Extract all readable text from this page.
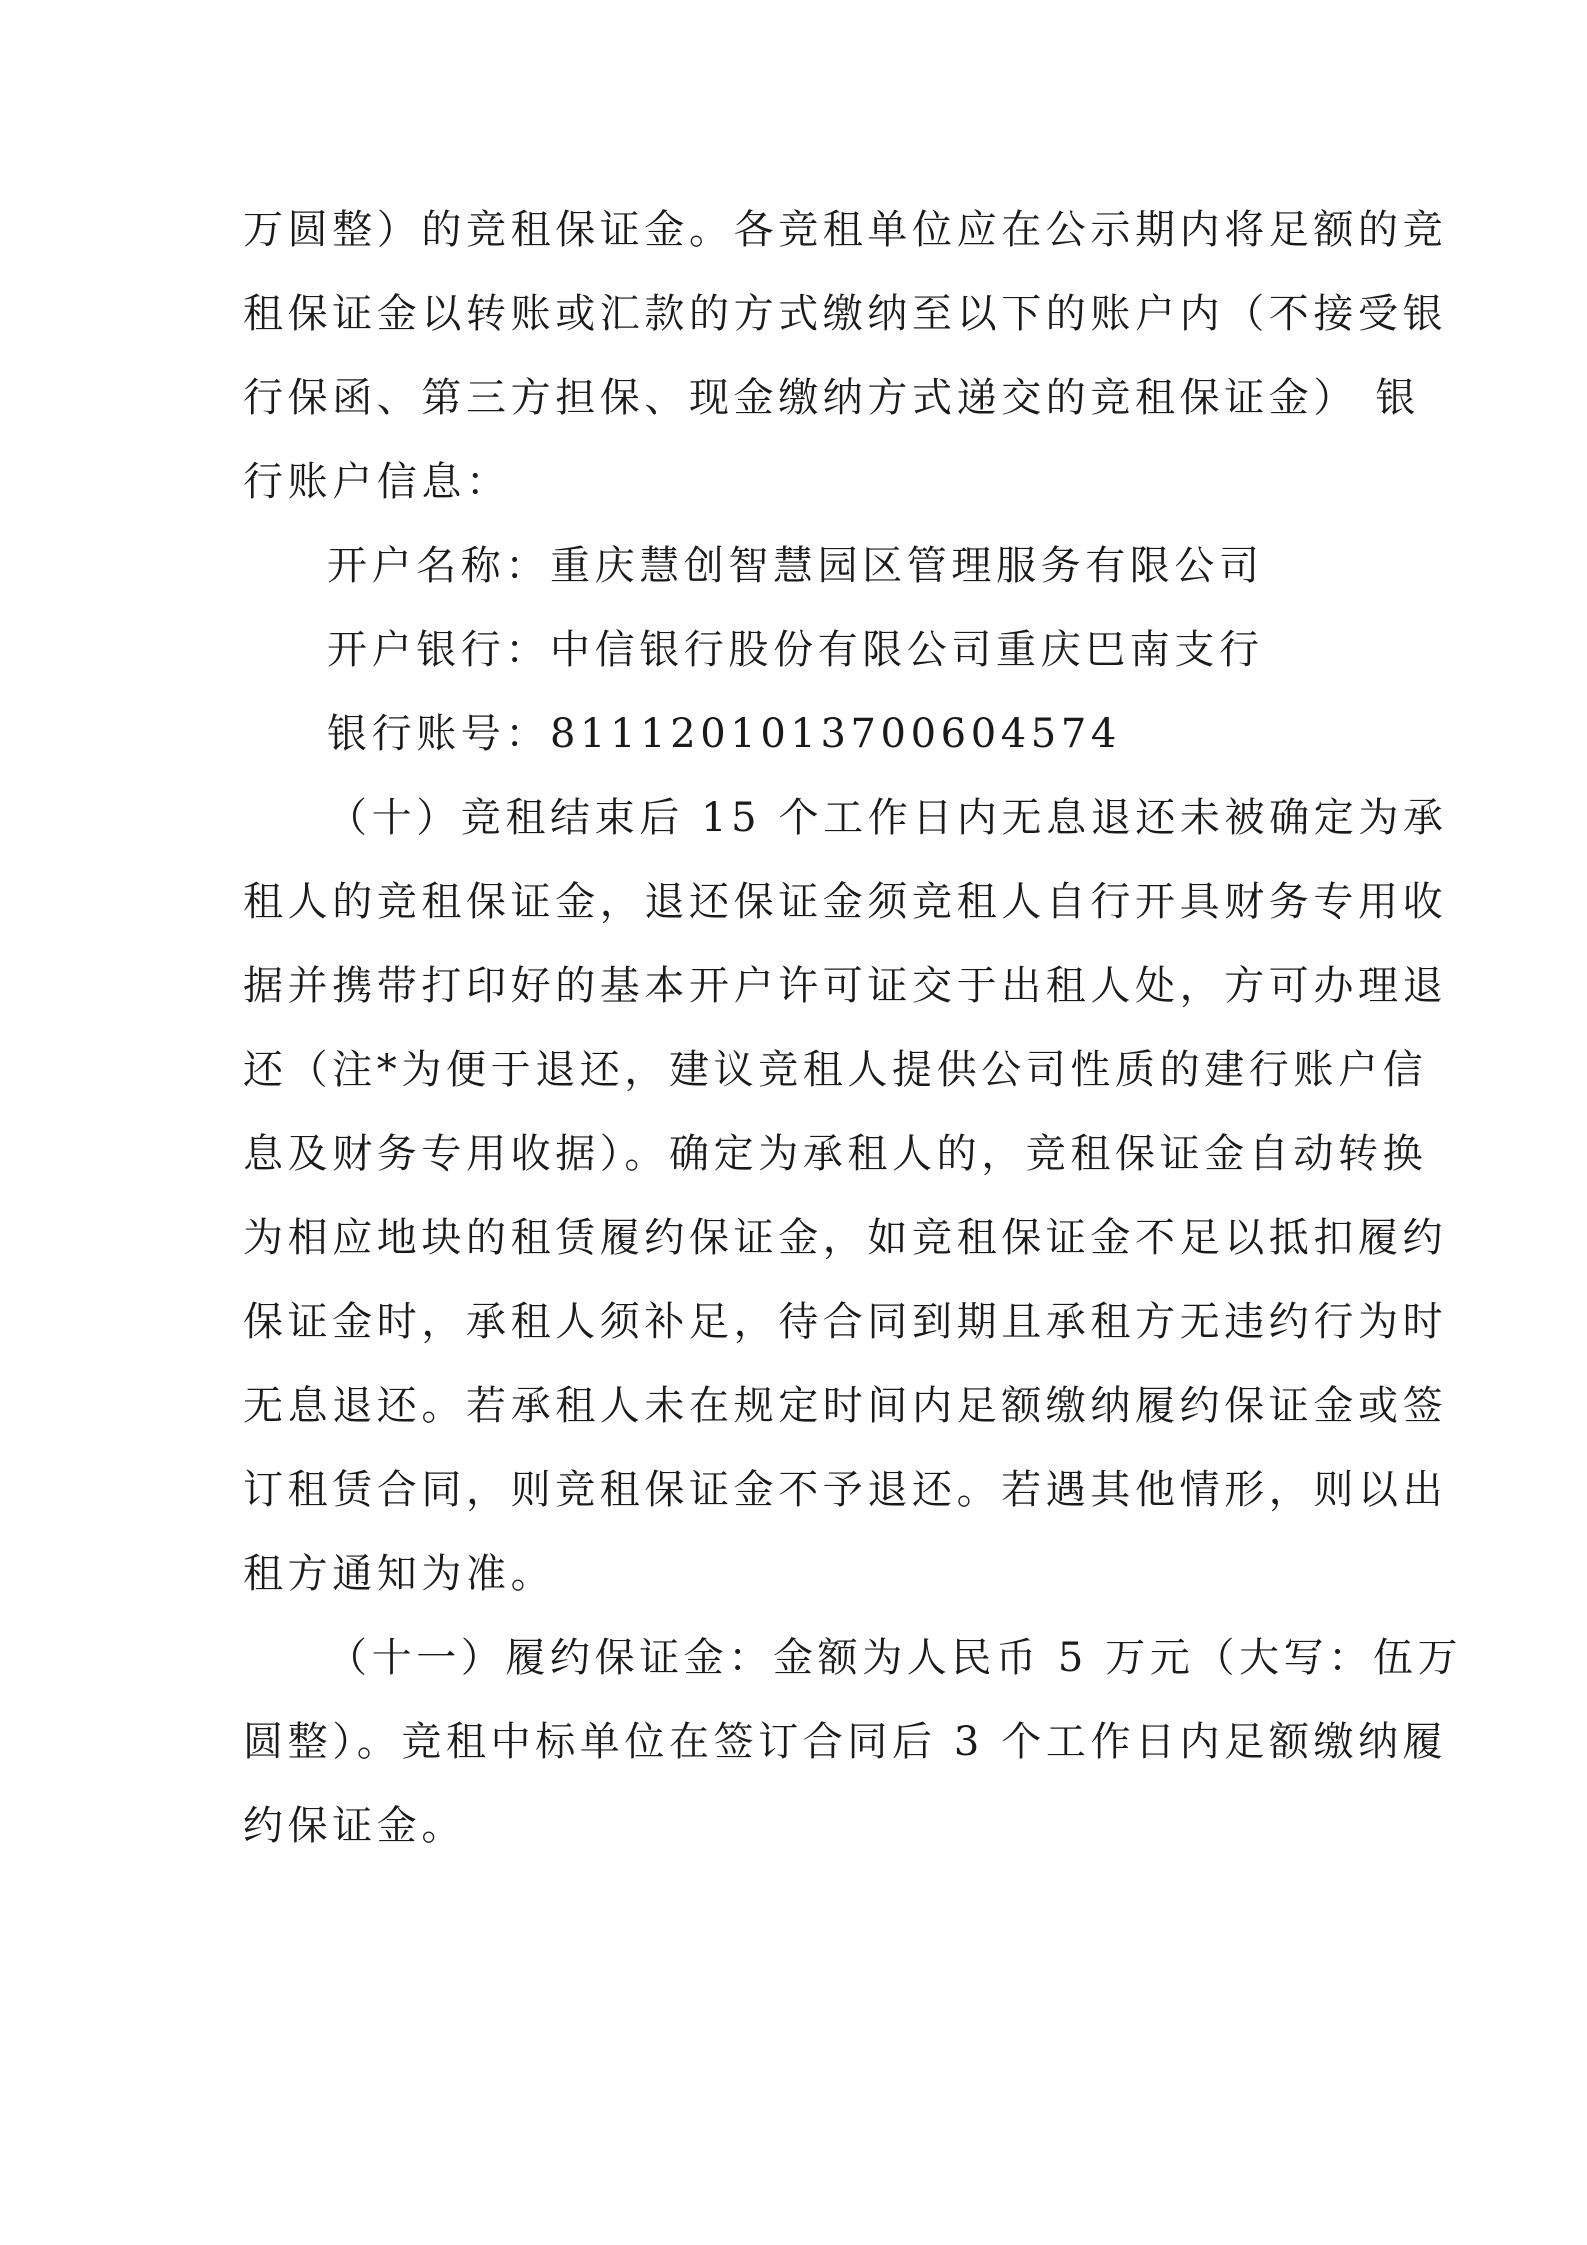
万圆整）的竞租保证金。各竞租单位应在公示期内将足额的竞
租保证金以转账或汇款的方式缴纳至以下的账户内（不接受银
行保函、第三方担保、现金缴纳方式递交的竞租保证金） 银
行账户信息：

开户名称：重庆慧创智慧园区管理服务有限公司

开户银行：中信银行股份有限公司重庆巴南支行

银行账号：8111201013700604574

（十）竞租结束后 15 个工作日内无息退还未被确定为承
租人的竞租保证金，退还保证金须竞租人自行开具财务专用收
据并携带打印好的基本开户许可证交于出租人处，方可办理退
还（注*为便于退还，建议竞租人提供公司性质的建行账户信
息及财务专用收据）。确定为承租人的，竞租保证金自动转换
为相应地块的租赁履约保证金，如竞租保证金不足以抵扣履约
保证金时，承租人须补足，待合同到期且承租方无违约行为时
无息退还。若承租人未在规定时间内足额缴纳履约保证金或签
订租赁合同，则竞租保证金不予退还。若遇其他情形，则以出
租方通知为准。

（十一）履约保证金：金额为人民币 5 万元（大写：伍万
圆整）。竞租中标单位在签订合同后 3 个工作日内足额缴纳履
约保证金。
